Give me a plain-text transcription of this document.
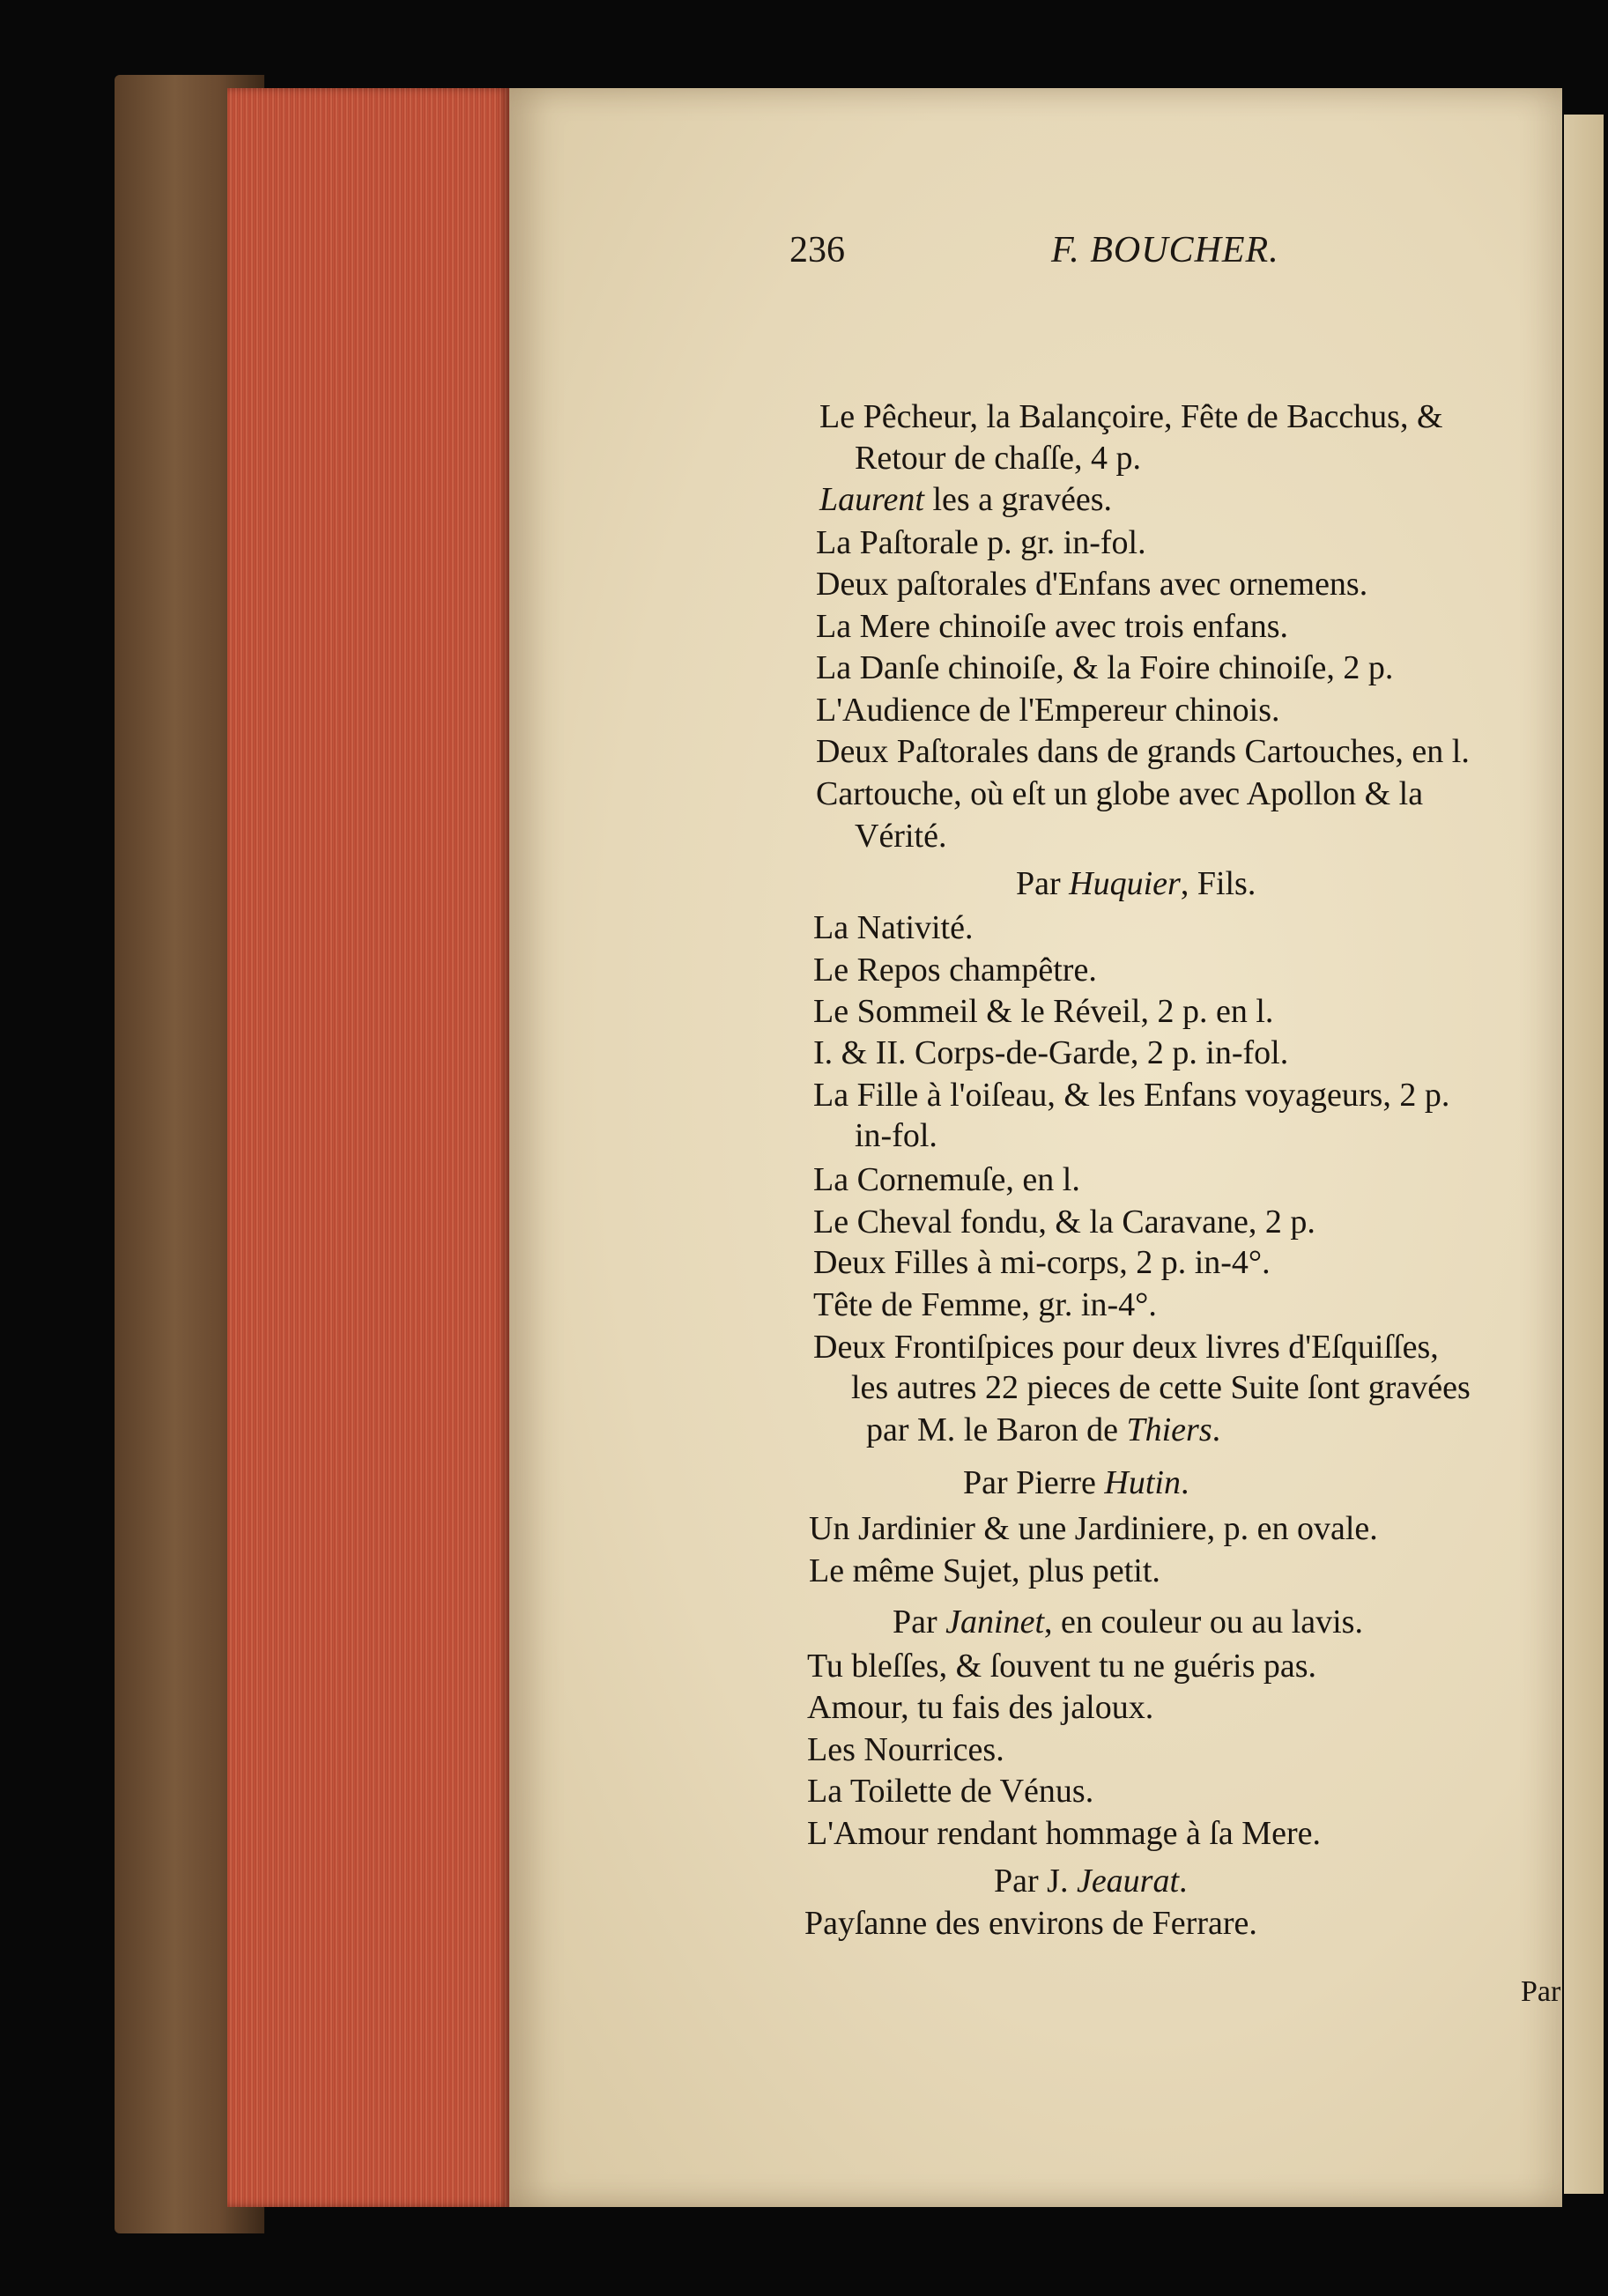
236	F. BOUCHER.
Le Pêcheur, la Balançoire, Fête de Bacchus, &
Retour de chaſſe, 4 p.
Laurent les a gravées.
La Paſtorale p. gr. in-fol.
Deux paſtorales d'Enfans avec ornemens.
La Mere chinoiſe avec trois enfans.
La Danſe chinoiſe, & la Foire chinoiſe, 2 p.
L'Audience de l'Empereur chinois.
Deux Paſtorales dans de grands Cartouches, en l.
Cartouche, où eſt un globe avec Apollon & la
Vérité.
Par Huquier, Fils.
La Nativité.
Le Repos champêtre.
Le Sommeil & le Réveil, 2 p. en l.
I. & II. Corps-de-Garde, 2 p. in-fol.
La Fille à l'oiſeau, & les Enfans voyageurs, 2 p.
in-fol.
La Cornemuſe, en l.
Le Cheval fondu, & la Caravane, 2 p.
Deux Filles à mi-corps, 2 p. in-4°.
Tête de Femme, gr. in-4°.
Deux Frontiſpices pour deux livres d'Eſquiſſes,
les autres 22 pieces de cette Suite ſont gravées
par M. le Baron de Thiers.
Par Pierre Hutin.
Un Jardinier & une Jardiniere, p. en ovale.
Le même Sujet, plus petit.
Par Janinet, en couleur ou au lavis.
Tu bleſſes, & ſouvent tu ne guéris pas.
Amour, tu fais des jaloux.
Les Nourrices.
La Toilette de Vénus.
L'Amour rendant hommage à ſa Mere.
Par J. Jeaurat.
Payſanne des environs de Ferrare.
Par
